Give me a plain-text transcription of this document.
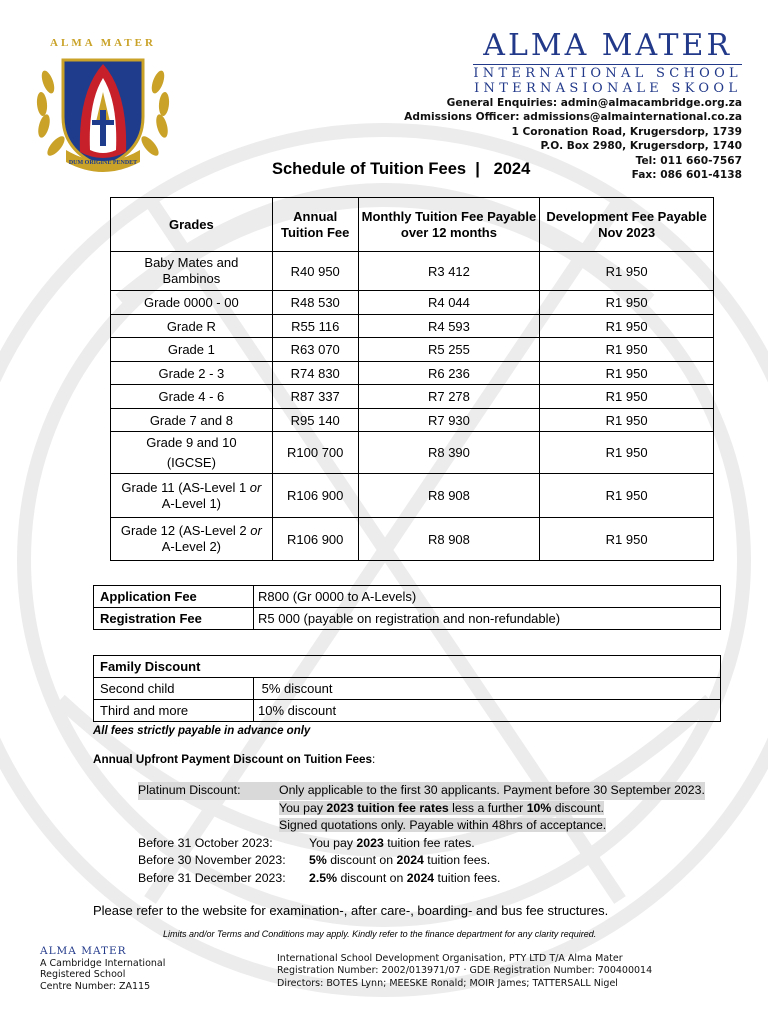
DUM ORIGINE PENDET
ALMA MATER	ALMA MATER
INTERNATIONAL SCHOOL
INTERNASIONALE SKOOL
General Enquiries: admin@almacambridge.org.za
Admissions Officer: admissions@almainternational.co.za
1 Coronation Road, Krugersdorp, 1739
P.O. Box 2980, Krugersdorp, 1740
Tel: 011 660-7567
Fax: 086 601-4138
Schedule of Tuition Fees  |   2024
Grades	Annual Tuition Fee	Monthly Tuition Fee Payable over 12 months	Development Fee Payable Nov 2023
Baby Mates and Bambinos	R40 950	R3 412	R1 950
Grade 0000 - 00	R48 530	R4 044	R1 950
Grade R	R55 116	R4 593	R1 950
Grade 1	R63 070	R5 255	R1 950
Grade 2 - 3	R74 830	R6 236	R1 950
Grade 4 - 6	R87 337	R7 278	R1 950
Grade 7 and 8	R95 140	R7 930	R1 950
Grade 9 and 10 (IGCSE)	R100 700	R8 390	R1 950
Grade 11 (AS-Level 1 or
A-Level 1)	R106 900	R8 908	R1 950
Grade 12 (AS-Level 2 or
A-Level 2)	R106 900	R8 908	R1 950
Application Fee	R800 (Gr 0000 to A-Levels)
Registration Fee	R5 000 (payable on registration and non-refundable)
Family Discount	
Second child	5% discount
Third and more	10% discount
All fees strictly payable in advance only
Annual Upfront Payment Discount on Tuition Fees:
Platinum Discount:	Only applicable to the first 30 applicants. Payment before 30 September 2023.
You pay 2023 tuition fee rates less a further 10% discount.
Signed quotations only. Payable within 48hrs of acceptance.
Before 31 October 2023:	You pay 2023 tuition fee rates.
Before 30 November 2023:	5% discount on 2024 tuition fees.
Before 31 December 2023:	2.5% discount on 2024 tuition fees.
Please refer to the website for examination-, after care-, boarding- and bus fee structures.
Limits and/or Terms and Conditions may apply. Kindly refer to the finance department for any clarity required.
ALMA MATER
A Cambridge International
Registered School
Centre Number: ZA115
International School Development Organisation, PTY LTD T/A Alma Mater
Registration Number: 2002/013971/07 · GDE Registration Number: 700400014
Directors: BOTES Lynn; MEESKE Ronald; MOIR James; TATTERSALL Nigel
